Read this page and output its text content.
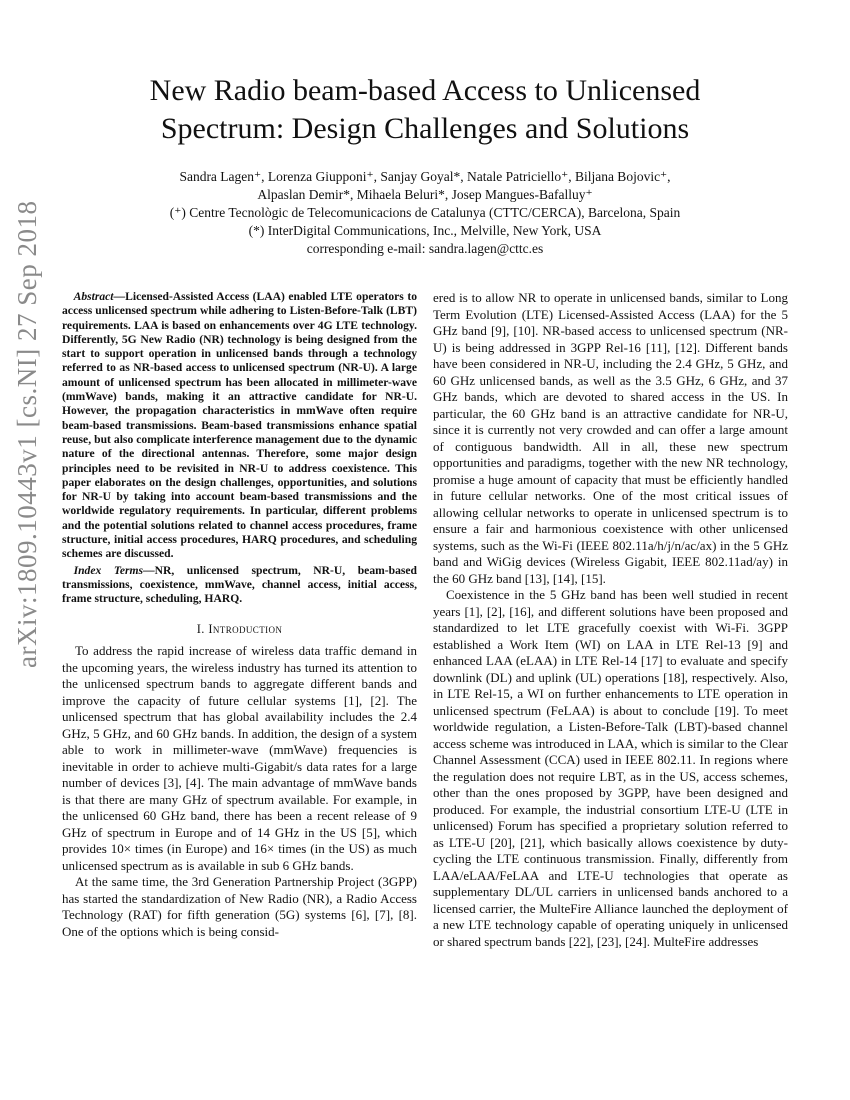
arXiv:1809.10443v1 [cs.NI] 27 Sep 2018
New Radio beam-based Access to Unlicensed
Spectrum: Design Challenges and Solutions
Sandra Lagen⁺, Lorenza Giupponi⁺, Sanjay Goyal*, Natale Patriciello⁺, Biljana Bojovic⁺,
Alpaslan Demir*, Mihaela Beluri*, Josep Mangues-Bafalluy⁺
(⁺) Centre Tecnològic de Telecomunicacions de Catalunya (CTTC/CERCA), Barcelona, Spain
(*) InterDigital Communications, Inc., Melville, New York, USA
corresponding e-mail: sandra.lagen@cttc.es

Abstract—Licensed-Assisted Access (LAA) enabled LTE operators to access unlicensed spectrum while adhering to Listen-Before-Talk (LBT) requirements. LAA is based on enhancements over 4G LTE technology. Differently, 5G New Radio (NR) technology is being designed from the start to support operation in unlicensed bands through a technology referred to as NR-based access to unlicensed spectrum (NR-U). A large amount of unlicensed spectrum has been allocated in millimeter-wave (mmWave) bands, making it an attractive candidate for NR-U. However, the propagation characteristics in mmWave often require beam-based transmissions. Beam-based transmissions enhance spatial reuse, but also complicate interference management due to the dynamic nature of the directional antennas. Therefore, some major design principles need to be revisited in NR-U to address coexistence. This paper elaborates on the design challenges, opportunities, and solutions for NR-U by taking into account beam-based transmissions and the worldwide regulatory requirements. In particular, different problems and the potential solutions related to channel access procedures, frame structure, initial access procedures, HARQ procedures, and scheduling schemes are discussed.

Index Terms—NR, unlicensed spectrum, NR-U, beam-based transmissions, coexistence, mmWave, channel access, initial access, frame structure, scheduling, HARQ.

I. Introduction

To address the rapid increase of wireless data traffic demand in the upcoming years, the wireless industry has turned its attention to the unlicensed spectrum bands to aggregate different bands and improve the capacity of future cellular systems [1], [2]. The unlicensed spectrum that has global availability includes the 2.4 GHz, 5 GHz, and 60 GHz bands. In addition, the design of a system able to work in millimeter-wave (mmWave) frequencies is inevitable in order to achieve multi-Gigabit/s data rates for a large number of devices [3], [4]. The main advantage of mmWave bands is that there are many GHz of spectrum available. For example, in the unlicensed 60 GHz band, there has been a recent release of 9 GHz of spectrum in Europe and of 14 GHz in the US [5], which provides 10× times (in Europe) and 16× times (in the US) as much unlicensed spectrum as is available in sub 6 GHz bands.

At the same time, the 3rd Generation Partnership Project (3GPP) has started the standardization of New Radio (NR), a Radio Access Technology (RAT) for fifth generation (5G) systems [6], [7], [8]. One of the options which is being consid-

ered is to allow NR to operate in unlicensed bands, similar to Long Term Evolution (LTE) Licensed-Assisted Access (LAA) for the 5 GHz band [9], [10]. NR-based access to unlicensed spectrum (NR-U) is being addressed in 3GPP Rel-16 [11], [12]. Different bands have been considered in NR-U, including the 2.4 GHz, 5 GHz, and 60 GHz unlicensed bands, as well as the 3.5 GHz, 6 GHz, and 37 GHz bands, which are devoted to shared access in the US. In particular, the 60 GHz band is an attractive candidate for NR-U, since it is currently not very crowded and can offer a large amount of contiguous bandwidth. All in all, these new spectrum opportunities and paradigms, together with the new NR technology, promise a huge amount of capacity that must be efficiently handled in future cellular networks. One of the most critical issues of allowing cellular networks to operate in unlicensed spectrum is to ensure a fair and harmonious coexistence with other unlicensed systems, such as the Wi-Fi (IEEE 802.11a/h/j/n/ac/ax) in the 5 GHz band and WiGig devices (Wireless Gigabit, IEEE 802.11ad/ay) in the 60 GHz band [13], [14], [15].

Coexistence in the 5 GHz band has been well studied in recent years [1], [2], [16], and different solutions have been proposed and standardized to let LTE gracefully coexist with Wi-Fi. 3GPP established a Work Item (WI) on LAA in LTE Rel-13 [9] and enhanced LAA (eLAA) in LTE Rel-14 [17] to evaluate and specify downlink (DL) and uplink (UL) operations [18], respectively. Also, in LTE Rel-15, a WI on further enhancements to LTE operation in unlicensed spectrum (FeLAA) is about to conclude [19]. To meet worldwide regulation, a Listen-Before-Talk (LBT)-based channel access scheme was introduced in LAA, which is similar to the Clear Channel Assessment (CCA) used in IEEE 802.11. In regions where the regulation does not require LBT, as in the US, access schemes, other than the ones proposed by 3GPP, have been designed and produced. For example, the industrial consortium LTE-U (LTE in unlicensed) Forum has specified a proprietary solution referred to as LTE-U [20], [21], which basically allows coexistence by duty-cycling the LTE continuous transmission. Finally, differently from LAA/eLAA/FeLAA and LTE-U technologies that operate as supplementary DL/UL carriers in unlicensed bands anchored to a licensed carrier, the MulteFire Alliance launched the deployment of a new LTE technology capable of operating uniquely in unlicensed or shared spectrum bands [22], [23], [24]. MulteFire addresses
